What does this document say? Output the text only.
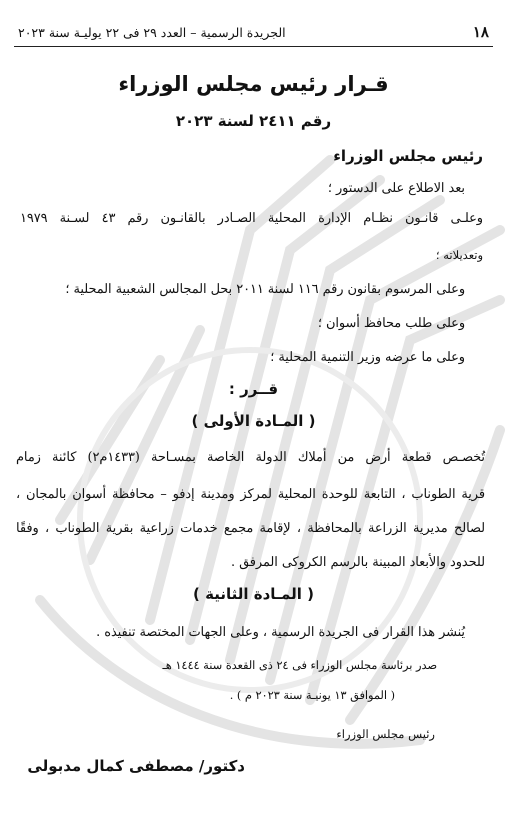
١٨
الجريدة الرسمية – العدد ٢٩ فى ٢٢ يوليـة سنة ٢٠٢٣
قـرار رئيس مجلس الوزراء
رقم ٢٤١١ لسنة ٢٠٢٣
رئيس مجلس الوزراء
بعد الاطلاع على الدستور ؛
وعلـى قانـون نظـام الإدارة المحلية الصـادر بالقانـون رقم ٤٣ لسـنة ١٩٧٩
وتعديلاته ؛
وعلى المرسوم بقانون رقم ١١٦ لسنة ٢٠١١ بحل المجالس الشعبية المحلية ؛
وعلى طلب محافظ أسوان ؛
وعلى ما عرضه وزير التنمية المحلية ؛
قــرر :
( المـادة الأولى )
تُخصـص قطعة أرض من أملاك الدولة الخاصة بمسـاحة (١٤٣٣م٢) كائنة زمام
قرية الطوناب ، التابعة للوحدة المحلية لمركز ومدينة إدفو – محافظة أسوان بالمجان ،
لصالح مديرية الزراعة بالمحافظة ، لإقامة مجمع خدمات زراعية بقرية الطوناب ، وفقًا
للحدود والأبعاد المبينة بالرسم الكروكى المرفق .
( المـادة الثانية )
يُنشر هذا القرار فى الجريدة الرسمية ، وعلى الجهات المختصة تنفيذه .
صدر برئاسة مجلس الوزراء فى ٢٤ ذى القعدة سنة ١٤٤٤ هـ
( الموافق ١٣ يونيـة سنة ٢٠٢٣ م ) .
رئيس مجلس الوزراء
دكتور/ مصطفى كمال مدبولى
